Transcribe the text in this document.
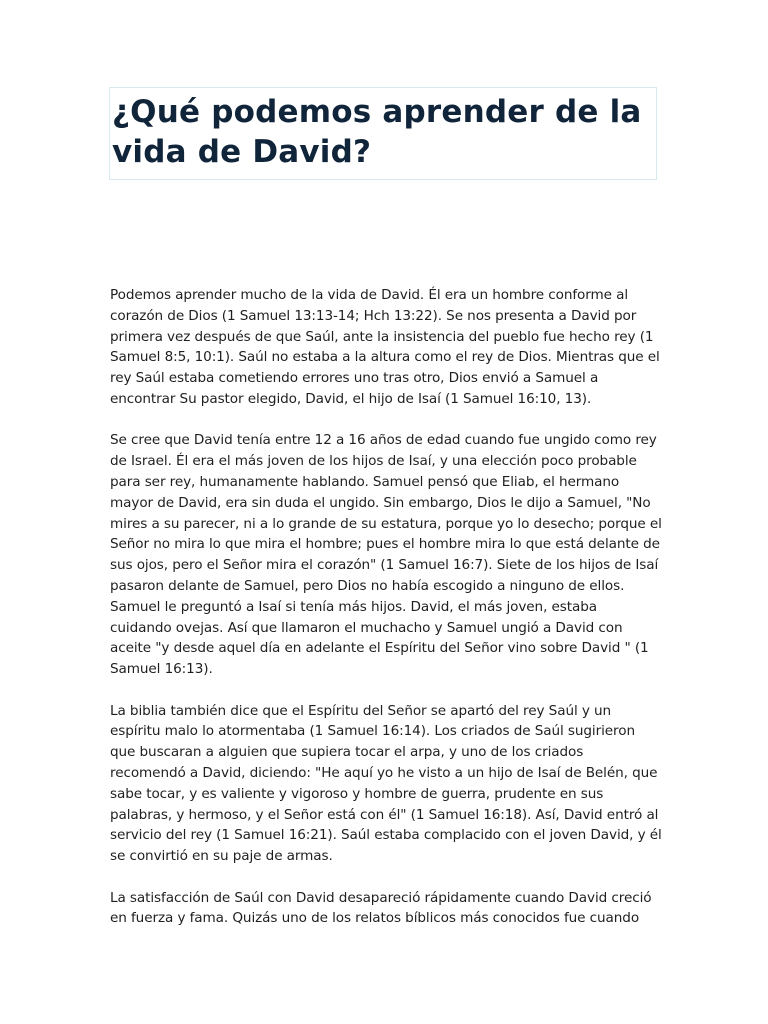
¿Qué podemos aprender de la vida de David?

Podemos aprender mucho de la vida de David. Él era un hombre conforme al corazón de Dios (1 Samuel 13:13-14; Hch 13:22). Se nos presenta a David por primera vez después de que Saúl, ante la insistencia del pueblo fue hecho rey (1 Samuel 8:5, 10:1). Saúl no estaba a la altura como el rey de Dios. Mientras que el rey Saúl estaba cometiendo errores uno tras otro, Dios envió a Samuel a encontrar Su pastor elegido, David, el hijo de Isaí (1 Samuel 16:10, 13).

Se cree que David tenía entre 12 a 16 años de edad cuando fue ungido como rey de Israel. Él era el más joven de los hijos de Isaí, y una elección poco probable para ser rey, humanamente hablando. Samuel pensó que Eliab, el hermano mayor de David, era sin duda el ungido. Sin embargo, Dios le dijo a Samuel, "No mires a su parecer, ni a lo grande de su estatura, porque yo lo desecho; porque el Señor no mira lo que mira el hombre; pues el hombre mira lo que está delante de sus ojos, pero el Señor mira el corazón" (1 Samuel 16:7). Siete de los hijos de Isaí pasaron delante de Samuel, pero Dios no había escogido a ninguno de ellos. Samuel le preguntó a Isaí si tenía más hijos. David, el más joven, estaba cuidando ovejas. Así que llamaron el muchacho y Samuel ungió a David con aceite "y desde aquel día en adelante el Espíritu del Señor vino sobre David " (1 Samuel 16:13).

La biblia también dice que el Espíritu del Señor se apartó del rey Saúl y un espíritu malo lo atormentaba (1 Samuel 16:14). Los criados de Saúl sugirieron que buscaran a alguien que supiera tocar el arpa, y uno de los criados recomendó a David, diciendo: "He aquí yo he visto a un hijo de Isaí de Belén, que sabe tocar, y es valiente y vigoroso y hombre de guerra, prudente en sus palabras, y hermoso, y el Señor está con él" (1 Samuel 16:18). Así, David entró al servicio del rey (1 Samuel 16:21). Saúl estaba complacido con el joven David, y él se convirtió en su paje de armas.

La satisfacción de Saúl con David desapareció rápidamente cuando David creció en fuerza y fama. Quizás uno de los relatos bíblicos más conocidos fue cuando
